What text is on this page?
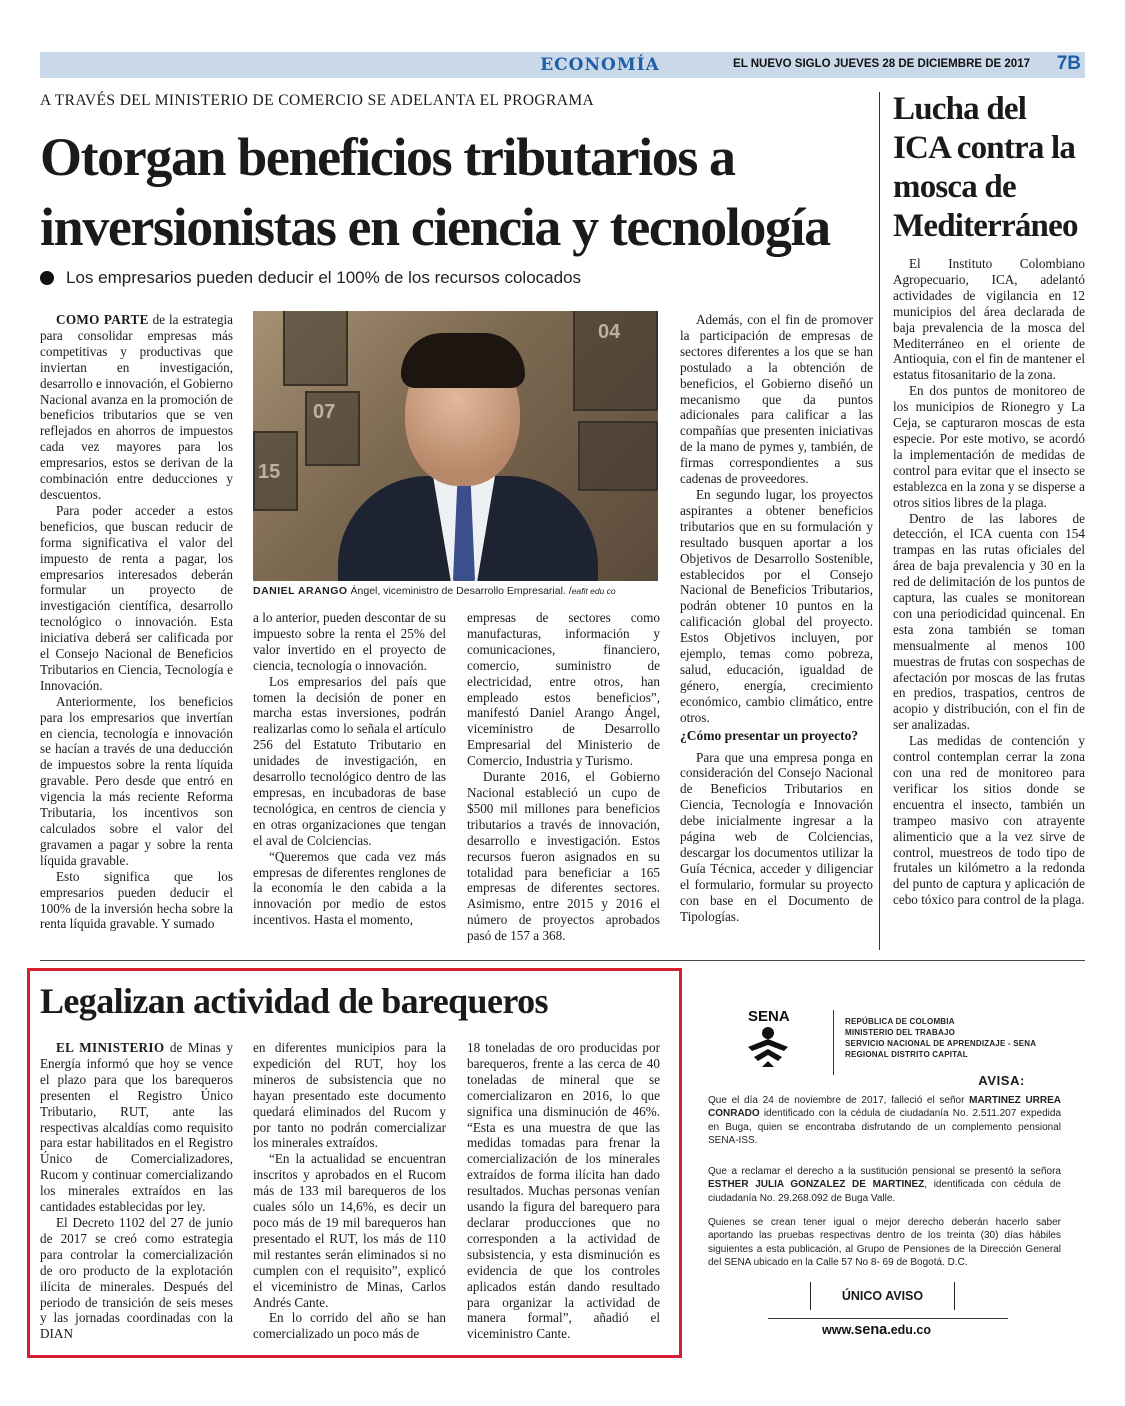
ECONOMÍA	EL NUEVO SIGLO JUEVES 28 DE DICIEMBRE DE 2017 7B
A TRAVÉS DEL MINISTERIO DE COMERCIO SE ADELANTA EL PROGRAMA
Otorgan beneficios tributarios a inversionistas en ciencia y tecnología
Los empresarios pueden deducir el 100% de los recursos colocados

COMO PARTE de la estrategia para consolidar empresas más competitivas y productivas que inviertan en investigación, desarrollo e innovación, el Gobierno Nacional avanza en la promoción de beneficios tributarios que se ven reflejados en ahorros de impuestos cada vez mayores para los empresarios, estos se derivan de la combinación entre deducciones y descuentos.

Para poder acceder a estos beneficios, que buscan reducir de forma significativa el valor del impuesto de renta a pagar, los empresarios interesados deberán formular un proyecto de investigación científica, desarrollo tecnológico o innovación. Esta iniciativa deberá ser calificada por el Consejo Nacional de Beneficios Tributarios en Ciencia, Tecnología e Innovación.

Anteriormente, los beneficios para los empresarios que invertían en ciencia, tecnología e innovación se hacían a través de una deducción de impuestos sobre la renta líquida gravable. Pero desde que entró en vigencia la más reciente Reforma Tributaria, los incentivos son calculados sobre el valor del gravamen a pagar y sobre la renta líquida gravable.

Esto significa que los empresarios pueden deducir el 100% de la inversión hecha sobre la renta líquida gravable. Y sumado

07
15
04
DANIEL ARANGO Ángel, viceministro de Desarrollo Empresarial. /eafit edu co

a lo anterior, pueden descontar de su impuesto sobre la renta el 25% del valor invertido en el proyecto de ciencia, tecnología o innovación.

Los empresarios del país que tomen la decisión de poner en marcha estas inversiones, podrán realizarlas como lo señala el artículo 256 del Estatuto Tributario en unidades de investigación, en desarrollo tecnológico dentro de las empresas, en incubadoras de base tecnológica, en centros de ciencia y en otras organizaciones que tengan el aval de Colciencias.

“Queremos que cada vez más empresas de diferentes renglones de la economía le den cabida a la innovación por medio de estos incentivos. Hasta el momento,

empresas de sectores como manufacturas, información y comunicaciones, financiero, comercio, suministro de electricidad, entre otros, han empleado estos beneficios”, manifestó Daniel Arango Ángel, viceministro de Desarrollo Empresarial del Ministerio de Comercio, Industria y Turismo.

Durante 2016, el Gobierno Nacional estableció un cupo de $500 mil millones para beneficios tributarios a través de innovación, desarrollo e investigación. Estos recursos fueron asignados en su totalidad para beneficiar a 165 empresas de diferentes sectores. Asimismo, entre 2015 y 2016 el número de proyectos aprobados pasó de 157 a 368.

Además, con el fin de promover la participación de empresas de sectores diferentes a los que se han postulado a la obtención de beneficios, el Gobierno diseñó un mecanismo que da puntos adicionales para calificar a las compañías que presenten iniciativas de la mano de pymes y, también, de firmas correspondientes a sus cadenas de proveedores.

En segundo lugar, los proyectos aspirantes a obtener beneficios tributarios que en su formulación y resultado busquen aportar a los Objetivos de Desarrollo Sostenible, establecidos por el Consejo Nacional de Beneficios Tributarios, podrán obtener 10 puntos en la calificación global del proyecto. Estos Objetivos incluyen, por ejemplo, temas como pobreza, salud, educación, igualdad de género, energía, crecimiento económico, cambio climático, entre otros.

¿Cómo presentar un proyecto?

Para que una empresa ponga en consideración del Consejo Nacional de Beneficios Tributarios en Ciencia, Tecnología e Innovación debe inicialmente ingresar a la página web de Colciencias, descargar los documentos utilizar la Guía Técnica, acceder y diligenciar el formulario, formular su proyecto con base en el Documento de Tipologías.

Lucha del ICA contra la mosca de Mediterráneo

El Instituto Colombiano Agropecuario, ICA, adelantó actividades de vigilancia en 12 municipios del área declarada de baja prevalencia de la mosca del Mediterráneo en el oriente de Antioquia, con el fin de mantener el estatus fitosanitario de la zona.

En dos puntos de monitoreo de los municipios de Rionegro y La Ceja, se capturaron moscas de esta especie. Por este motivo, se acordó la implementación de medidas de control para evitar que el insecto se establezca en la zona y se disperse a otros sitios libres de la plaga.

Dentro de las labores de detección, el ICA cuenta con 154 trampas en las rutas oficiales del área de baja prevalencia y 30 en la red de delimitación de los puntos de captura, las cuales se monitorean con una periodicidad quincenal. En esta zona también se toman mensualmente al menos 100 muestras de frutas con sospechas de afectación por moscas de las frutas en predios, traspatios, centros de acopio y distribución, con el fin de ser analizadas.

Las medidas de contención y control contemplan cerrar la zona con una red de monitoreo para verificar los sitios donde se encuentra el insecto, también un trampeo masivo con atrayente alimenticio que a la vez sirve de control, muestreos de todo tipo de frutales un kilómetro a la redonda del punto de captura y aplicación de cebo tóxico para control de la plaga.

Legalizan actividad de barequeros

EL MINISTERIO de Minas y Energía informó que hoy se vence el plazo para que los barequeros presenten el Registro Único Tributario, RUT, ante las respectivas alcaldías como requisito para estar habilitados en el Registro Único de Comercializadores, Rucom y continuar comercializando los minerales extraídos en las cantidades establecidas por ley.

El Decreto 1102 del 27 de junio de 2017 se creó como estrategia para controlar la comercialización de oro producto de la explotación ilícita de minerales. Después del periodo de transición de seis meses y las jornadas coordinadas con la DIAN

en diferentes municipios para la expedición del RUT, hoy los mineros de subsistencia que no hayan presentado este documento quedará eliminados del Rucom y por tanto no podrán comercializar los minerales extraídos.

“En la actualidad se encuentran inscritos y aprobados en el Rucom más de 133 mil barequeros de los cuales sólo un 14,6%, es decir un poco más de 19 mil barequeros han presentado el RUT, los más de 110 mil restantes serán eliminados si no cumplen con el requisito”, explicó el viceministro de Minas, Carlos Andrés Cante.

En lo corrido del año se han comercializado un poco más de

18 toneladas de oro producidas por barequeros, frente a las cerca de 40 toneladas de mineral que se comercializaron en 2016, lo que significa una disminución de 46%. “Esta es una muestra de que las medidas tomadas para frenar la comercialización de los minerales extraídos de forma ilícita han dado resultados. Muchas personas venían usando la figura del barequero para declarar producciones que no corresponden a la actividad de subsistencia, y esta disminución es evidencia de que los controles aplicados están dando resultado para organizar la actividad de manera formal”, añadió el viceministro Cante.

SENA	REPÚBLICA DE COLOMBIA
MINISTERIO DEL TRABAJO
SERVICIO NACIONAL DE APRENDIZAJE - SENA
REGIONAL DISTRITO CAPITAL
AVISA:

Que el día 24 de noviembre de 2017, falleció el señor MARTINEZ URREA CONRADO identificado con la cédula de ciudadanía No. 2.511.207 expedida en Buga, quien se encontraba disfrutando de un complemento pensional SENA-ISS.

Que a reclamar el derecho a la sustitución pensional se presentó la señora ESTHER JULIA GONZALEZ DE MARTINEZ, identificada con cédula de ciudadanía No. 29.268.092 de Buga Valle.

Quienes se crean tener igual o mejor derecho deberán hacerlo saber aportando las pruebas respectivas dentro de los treinta (30) días hábiles siguientes a esta publicación, al Grupo de Pensiones de la Dirección General del SENA ubicado en la Calle 57 No 8- 69 de Bogotá. D.C.

ÚNICO AVISO
www.sena.edu.co
